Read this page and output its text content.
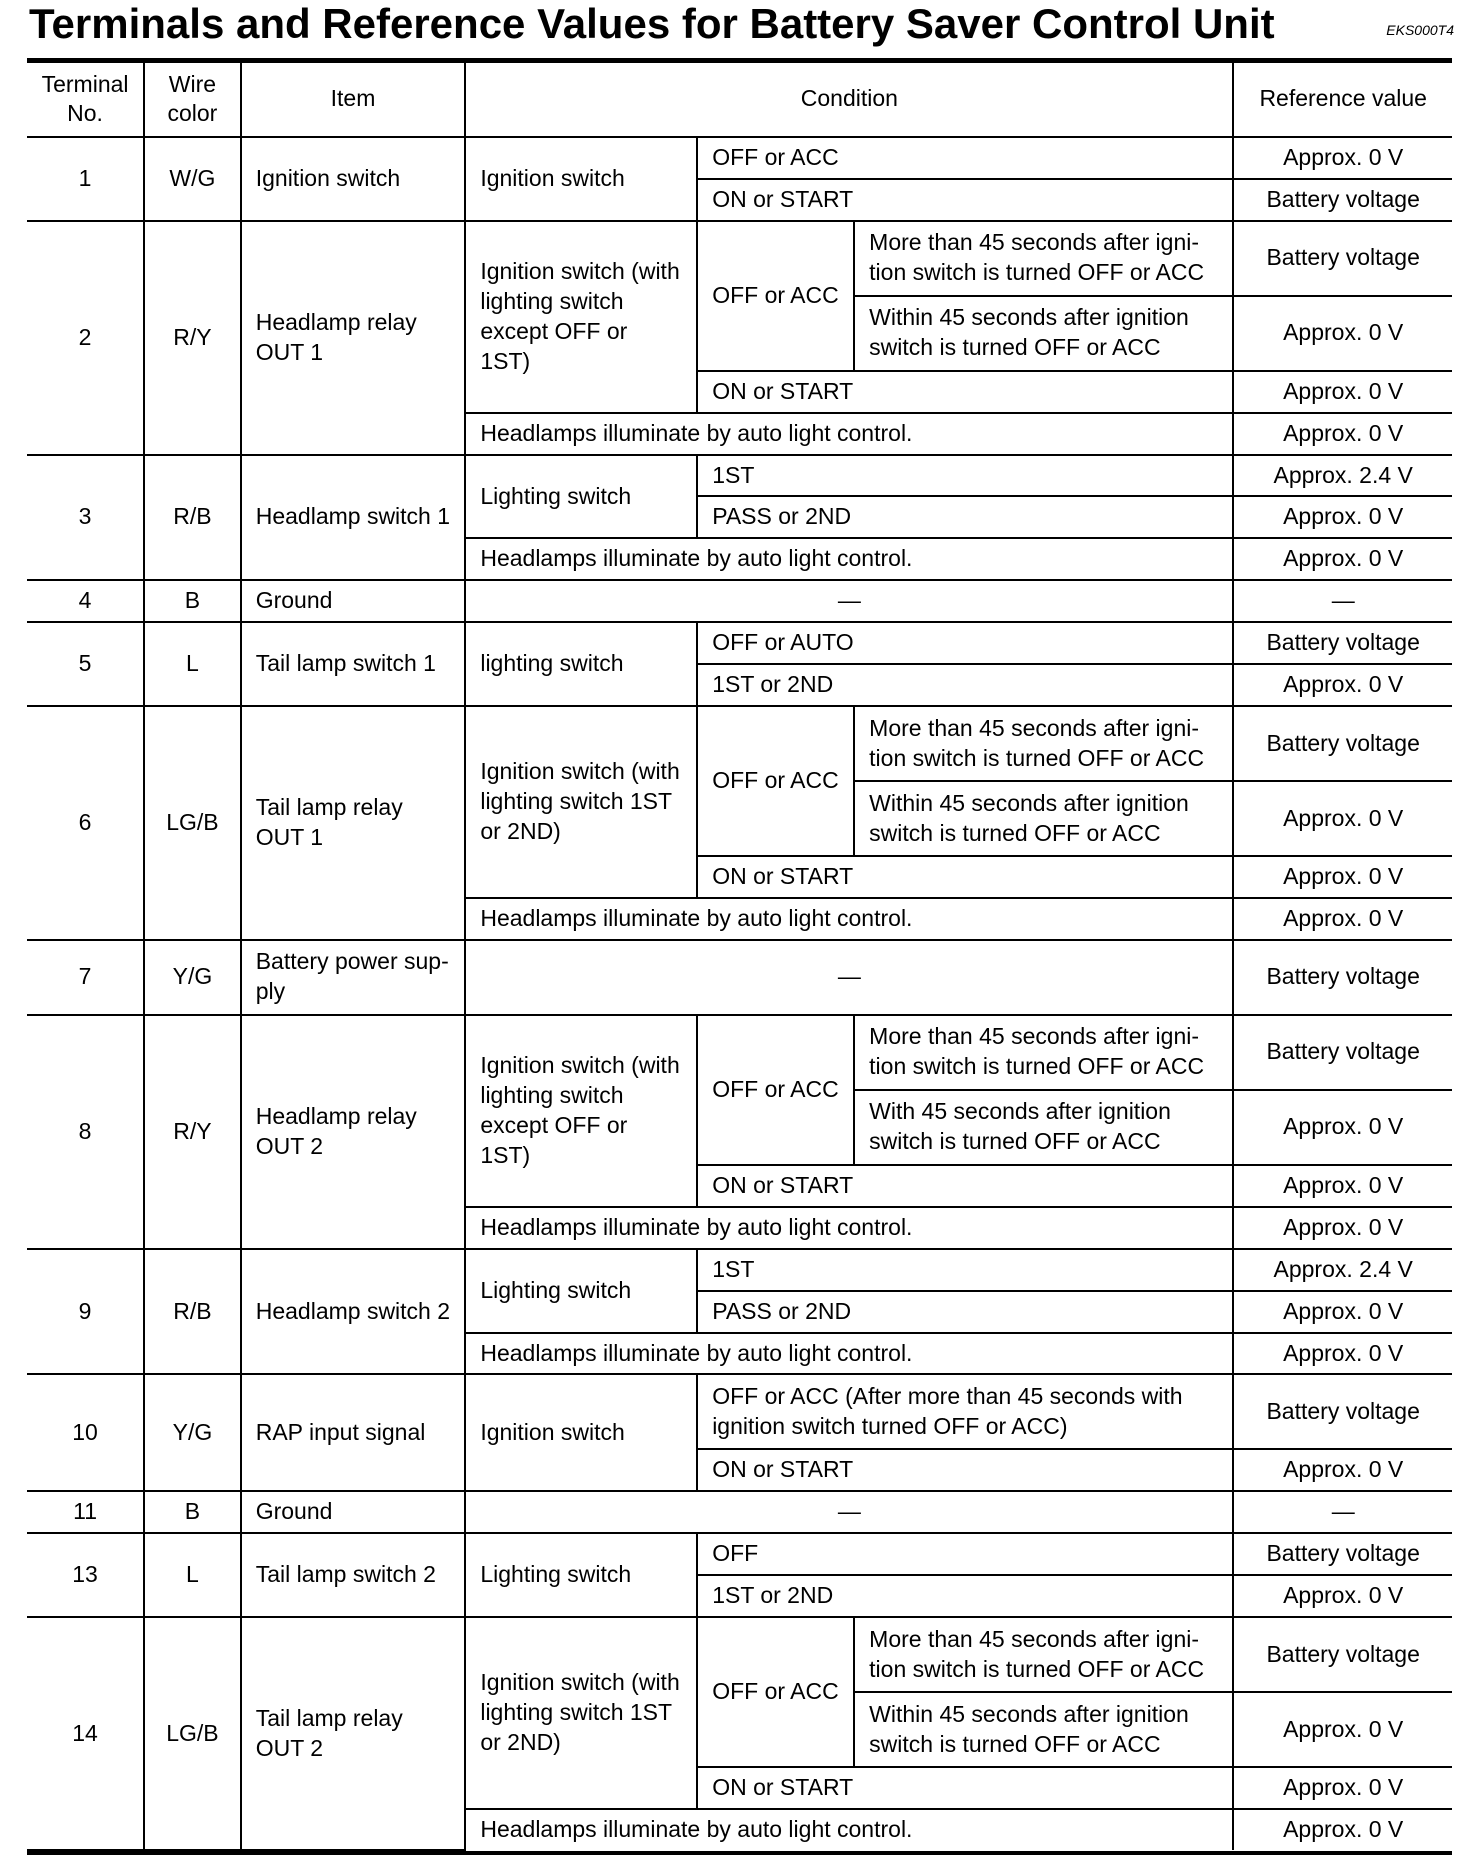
Terminals and Reference Values for Battery Saver Control Unit	EKS000T4
Terminal No.	Wire color	Item	Condition			Reference value
1	W/G	Ignition switch	Ignition switch	OFF or ACC		Approx. 0 V
				ON or START		Battery voltage
2	R/Y	Headlamp relay OUT 1	Ignition switch (with lighting switch except OFF or 1ST)	OFF or ACC	More than 45 seconds after igni-tion switch is turned OFF or ACC	Battery voltage
					Within 45 seconds after ignition switch is turned OFF or ACC	Approx. 0 V
				ON or START		Approx. 0 V
			Headlamps illuminate by auto light control.			Approx. 0 V
3	R/B	Headlamp switch 1	Lighting switch	1ST		Approx. 2.4 V
				PASS or 2ND		Approx. 0 V
			Headlamps illuminate by auto light control.			Approx. 0 V
4	B	Ground	—			—
5	L	Tail lamp switch 1	lighting switch	OFF or AUTO		Battery voltage
				1ST or 2ND		Approx. 0 V
6	LG/B	Tail lamp relay OUT 1	Ignition switch (with lighting switch 1ST or 2ND)	OFF or ACC	More than 45 seconds after igni-tion switch is turned OFF or ACC	Battery voltage
					Within 45 seconds after ignition switch is turned OFF or ACC	Approx. 0 V
				ON or START		Approx. 0 V
			Headlamps illuminate by auto light control.			Approx. 0 V
7	Y/G	Battery power sup-ply	—			Battery voltage
8	R/Y	Headlamp relay OUT 2	Ignition switch (with lighting switch except OFF or 1ST)	OFF or ACC	More than 45 seconds after igni-tion switch is turned OFF or ACC	Battery voltage
					With 45 seconds after ignition switch is turned OFF or ACC	Approx. 0 V
				ON or START		Approx. 0 V
			Headlamps illuminate by auto light control.			Approx. 0 V
9	R/B	Headlamp switch 2	Lighting switch	1ST		Approx. 2.4 V
				PASS or 2ND		Approx. 0 V
			Headlamps illuminate by auto light control.			Approx. 0 V
10	Y/G	RAP input signal	Ignition switch	OFF or ACC (After more than 45 seconds with ignition switch turned OFF or ACC)		Battery voltage
				ON or START		Approx. 0 V
11	B	Ground	—			—
13	L	Tail lamp switch 2	Lighting switch	OFF		Battery voltage
				1ST or 2ND		Approx. 0 V
14	LG/B	Tail lamp relay OUT 2	Ignition switch (with lighting switch 1ST or 2ND)	OFF or ACC	More than 45 seconds after igni-tion switch is turned OFF or ACC	Battery voltage
					Within 45 seconds after ignition switch is turned OFF or ACC	Approx. 0 V
				ON or START		Approx. 0 V
			Headlamps illuminate by auto light control.			Approx. 0 V
